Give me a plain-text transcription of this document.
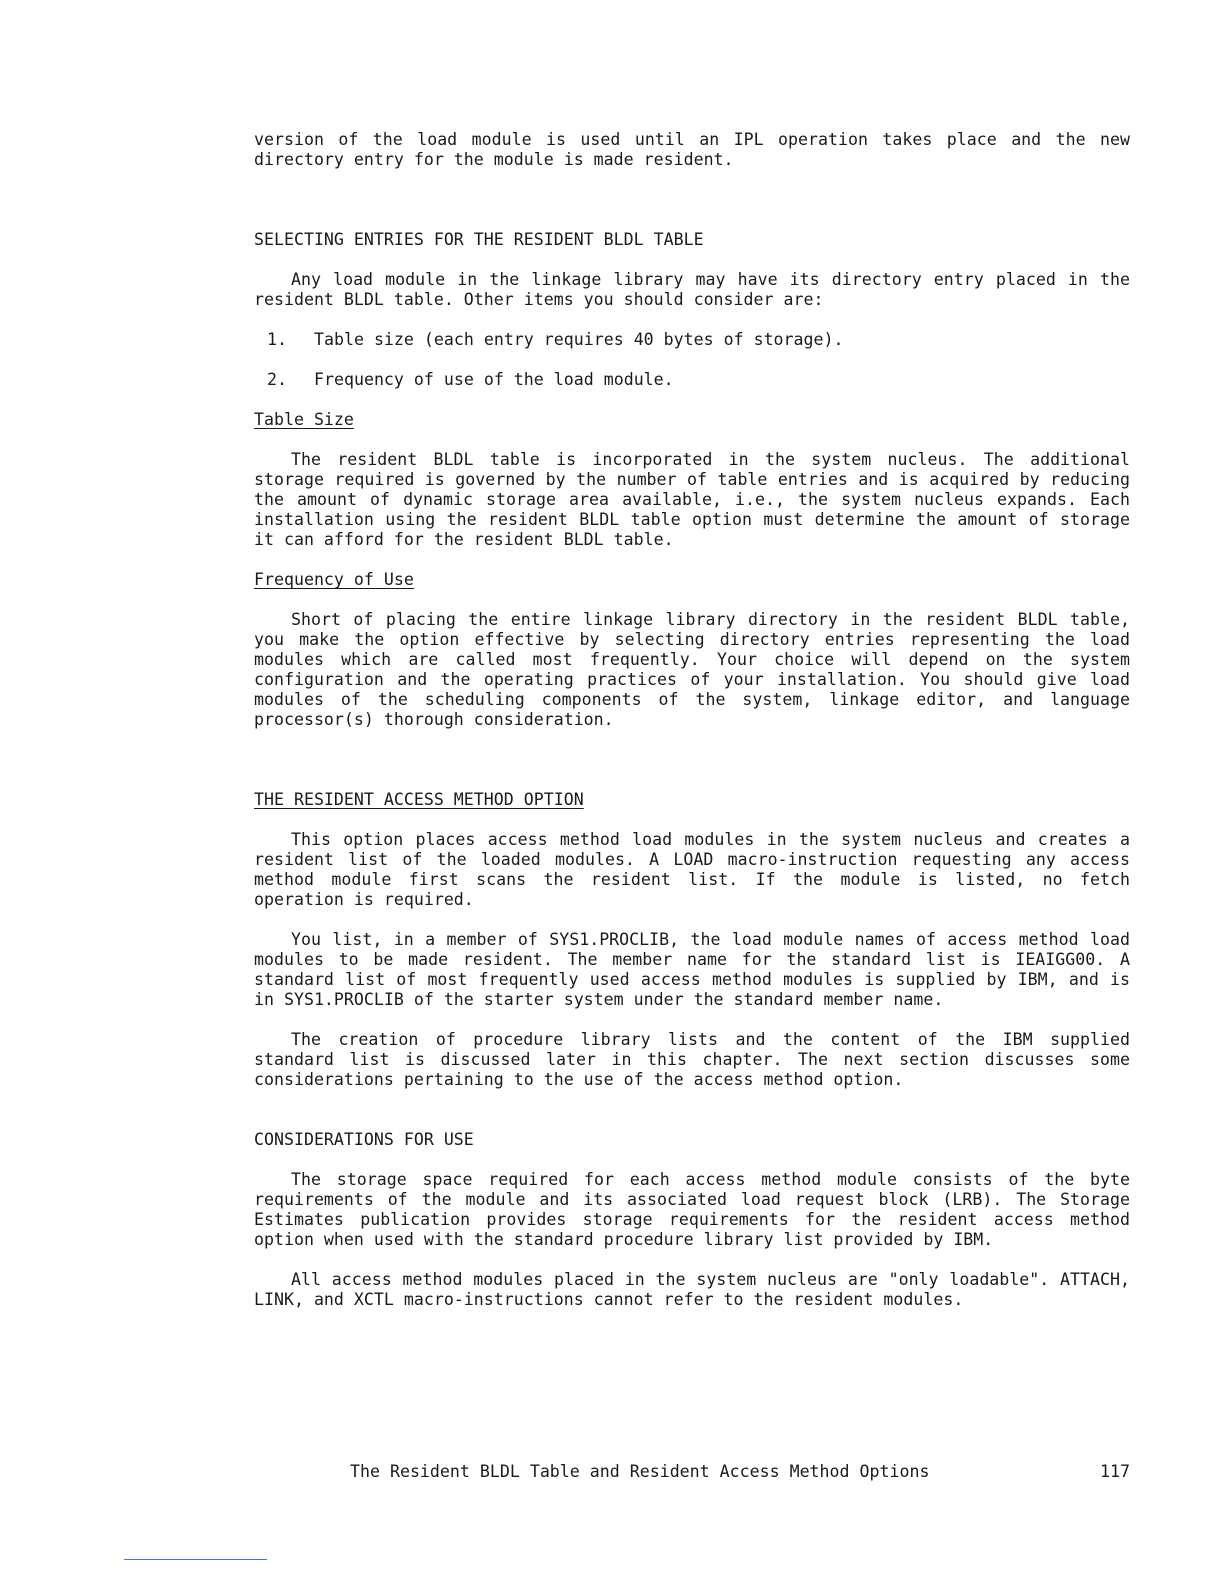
version of the load module is used until an IPL operation takes place and the new directory entry for the module is made resident.

SELECTING ENTRIES FOR THE RESIDENT BLDL TABLE

Any load module in the linkage library may have its directory entry placed in the resident BLDL table. Other items you should consider are:

1.	Table size (each entry requires 40 bytes of storage).
2.	Frequency of use of the load module.

Table Size

The resident BLDL table is incorporated in the system nucleus. The additional storage required is governed by the number of table entries and is acquired by reducing the amount of dynamic storage area available, i.e., the system nucleus expands. Each installation using the resident BLDL table option must determine the amount of storage it can afford for the resident BLDL table.

Frequency of Use

Short of placing the entire linkage library directory in the resident BLDL table, you make the option effective by selecting directory entries representing the load modules which are called most frequently. Your choice will depend on the system configuration and the operating practices of your installation. You should give load modules of the scheduling components of the system, linkage editor, and language processor(s) thorough consideration.

THE RESIDENT ACCESS METHOD OPTION

This option places access method load modules in the system nucleus and creates a resident list of the loaded modules. A LOAD macro-instruction requesting any access method module first scans the resident list. If the module is listed, no fetch operation is required.

You list, in a member of SYS1.PROCLIB, the load module names of access method load modules to be made resident. The member name for the standard list is IEAIGG00. A standard list of most frequently used access method modules is supplied by IBM, and is in SYS1.PROCLIB of the starter system under the standard member name.

The creation of procedure library lists and the content of the IBM supplied standard list is discussed later in this chapter. The next section discusses some considerations pertaining to the use of the access method option.

CONSIDERATIONS FOR USE

The storage space required for each access method module consists of the byte requirements of the module and its associated load request block (LRB). The Storage Estimates publication provides storage requirements for the resident access method option when used with the standard procedure library list provided by IBM.

All access method modules placed in the system nucleus are "only loadable". ATTACH, LINK, and XCTL macro-instructions cannot refer to the resident modules.

The Resident BLDL Table and Resident Access Method Options	117
